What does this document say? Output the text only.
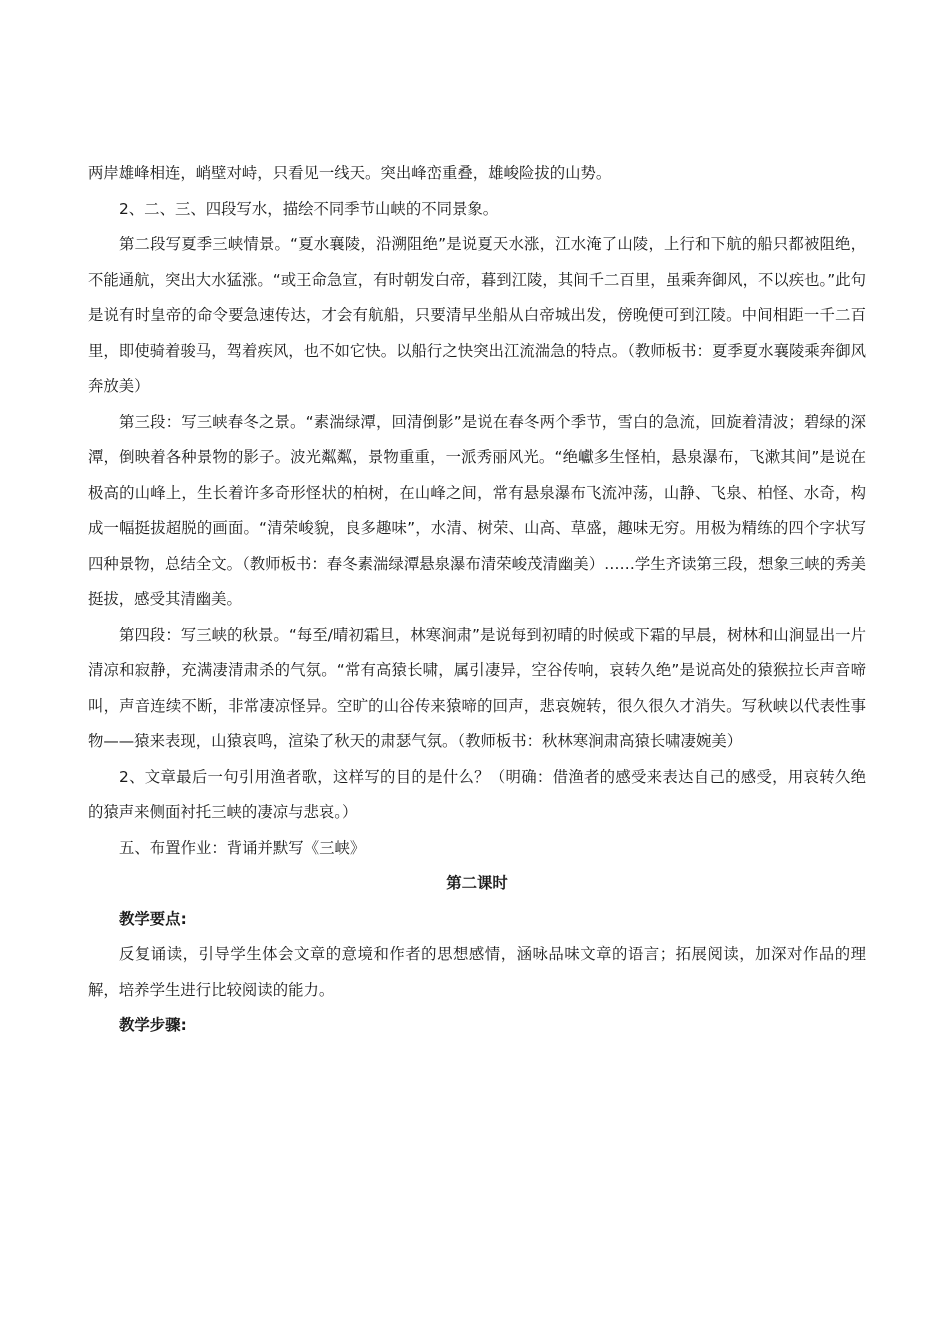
两岸雄峰相连，峭壁对峙，只看见一线天。突出峰峦重叠，雄峻险拔的山势。

2、二、三、四段写水，描绘不同季节山峡的不同景象。

第二段写夏季三峡情景。“夏水襄陵，沿溯阻绝”是说夏天水涨，江水淹了山陵，上行和下航的船只都被阻绝，不能通航，突出大水猛涨。“或王命急宣，有时朝发白帝，暮到江陵，其间千二百里，虽乘奔御风，不以疾也。”此句是说有时皇帝的命令要急速传达，才会有航船，只要清早坐船从白帝城出发，傍晚便可到江陵。中间相距一千二百里，即使骑着骏马，驾着疾风，也不如它快。以船行之快突出江流湍急的特点。（教师板书：夏季夏水襄陵乘奔御风奔放美）

第三段：写三峡春冬之景。“素湍绿潭，回清倒影”是说在春冬两个季节，雪白的急流，回旋着清波；碧绿的深潭，倒映着各种景物的影子。波光粼粼，景物重重，一派秀丽风光。“绝巘多生怪柏，悬泉瀑布，飞漱其间”是说在极高的山峰上，生长着许多奇形怪状的柏树，在山峰之间，常有悬泉瀑布飞流冲荡，山静、飞泉、柏怪、水奇，构成一幅挺拔超脱的画面。“清荣峻貌，良多趣味”，水清、树荣、山高、草盛，趣味无穷。用极为精练的四个字状写四种景物，总结全文。（教师板书：春冬素湍绿潭悬泉瀑布清荣峻茂清幽美）……学生齐读第三段，想象三峡的秀美挺拔，感受其清幽美。

第四段：写三峡的秋景。“每至/晴初霜旦，林寒涧肃”是说每到初晴的时候或下霜的早晨，树林和山涧显出一片清凉和寂静，充满凄清肃杀的气氛。“常有高猿长啸，属引凄异，空谷传响，哀转久绝”是说高处的猿猴拉长声音啼叫，声音连续不断，非常凄凉怪异。空旷的山谷传来猿啼的回声，悲哀婉转，很久很久才消失。写秋峡以代表性事物——猿来表现，山猿哀鸣，渲染了秋天的肃瑟气氛。（教师板书：秋林寒涧肃高猿长啸凄婉美）

2、文章最后一句引用渔者歌，这样写的目的是什么？（明确：借渔者的感受来表达自己的感受，用哀转久绝的猿声来侧面衬托三峡的凄凉与悲哀。）

五、布置作业：背诵并默写《三峡》

第二课时

教学要点:

反复诵读，引导学生体会文章的意境和作者的思想感情，涵咏品味文章的语言；拓展阅读，加深对作品的理解，培养学生进行比较阅读的能力。

教学步骤:
